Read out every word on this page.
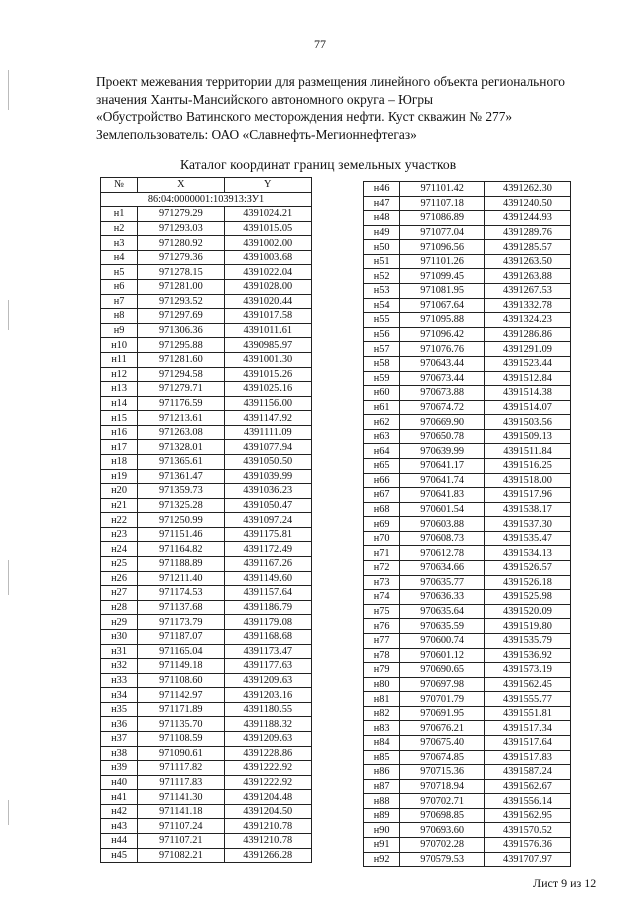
77
Проект межевания территории для размещения линейного объекта регионального
значения Ханты-Мансийского автономного округа – Югры
«Обустройство Ватинского месторождения нефти. Куст скважин № 277»
Землепользователь: ОАО «Славнефть-Мегионнефтегаз»
Каталог координат границ земельных участков
№	X	Y
86:04:0000001:103913:ЗУ1		
н1	971279.29	4391024.21
н2	971293.03	4391015.05
н3	971280.92	4391002.00
н4	971279.36	4391003.68
н5	971278.15	4391022.04
н6	971281.00	4391028.00
н7	971293.52	4391020.44
н8	971297.69	4391017.58
н9	971306.36	4391011.61
н10	971295.88	4390985.97
н11	971281.60	4391001.30
н12	971294.58	4391015.26
н13	971279.71	4391025.16
н14	971176.59	4391156.00
н15	971213.61	4391147.92
н16	971263.08	4391111.09
н17	971328.01	4391077.94
н18	971365.61	4391050.50
н19	971361.47	4391039.99
н20	971359.73	4391036.23
н21	971325.28	4391050.47
н22	971250.99	4391097.24
н23	971151.46	4391175.81
н24	971164.82	4391172.49
н25	971188.89	4391167.26
н26	971211.40	4391149.60
н27	971174.53	4391157.64
н28	971137.68	4391186.79
н29	971173.79	4391179.08
н30	971187.07	4391168.68
н31	971165.04	4391173.47
н32	971149.18	4391177.63
н33	971108.60	4391209.63
н34	971142.97	4391203.16
н35	971171.89	4391180.55
н36	971135.70	4391188.32
н37	971108.59	4391209.63
н38	971090.61	4391228.86
н39	971117.82	4391222.92
н40	971117.83	4391222.92
н41	971141.30	4391204.48
н42	971141.18	4391204.50
н43	971107.24	4391210.78
н44	971107.21	4391210.78
н45	971082.21	4391266.28
н46	971101.42	4391262.30
н47	971107.18	4391240.50
н48	971086.89	4391244.93
н49	971077.04	4391289.76
н50	971096.56	4391285.57
н51	971101.26	4391263.50
н52	971099.45	4391263.88
н53	971081.95	4391267.53
н54	971067.64	4391332.78
н55	971095.88	4391324.23
н56	971096.42	4391286.86
н57	971076.76	4391291.09
н58	970643.44	4391523.44
н59	970673.44	4391512.84
н60	970673.88	4391514.38
н61	970674.72	4391514.07
н62	970669.90	4391503.56
н63	970650.78	4391509.13
н64	970639.99	4391511.84
н65	970641.17	4391516.25
н66	970641.74	4391518.00
н67	970641.83	4391517.96
н68	970601.54	4391538.17
н69	970603.88	4391537.30
н70	970608.73	4391535.47
н71	970612.78	4391534.13
н72	970634.66	4391526.57
н73	970635.77	4391526.18
н74	970636.33	4391525.98
н75	970635.64	4391520.09
н76	970635.59	4391519.80
н77	970600.74	4391535.79
н78	970601.12	4391536.92
н79	970690.65	4391573.19
н80	970697.98	4391562.45
н81	970701.79	4391555.77
н82	970691.95	4391551.81
н83	970676.21	4391517.34
н84	970675.40	4391517.64
н85	970674.85	4391517.83
н86	970715.36	4391587.24
н87	970718.94	4391562.67
н88	970702.71	4391556.14
н89	970698.85	4391562.95
н90	970693.60	4391570.52
н91	970702.28	4391576.36
н92	970579.53	4391707.97
Лист 9 из 12
